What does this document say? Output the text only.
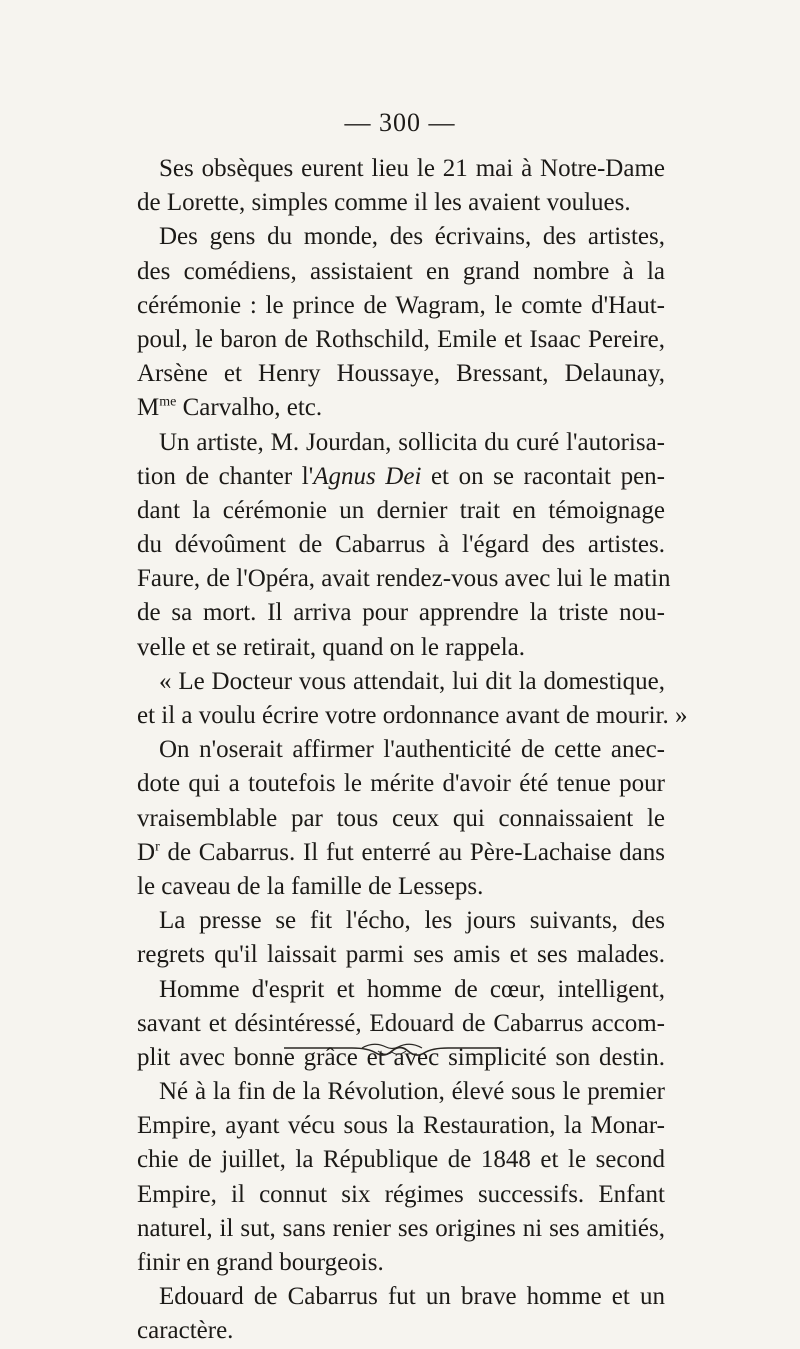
— 300 —
Ses obsèques eurent lieu le 21 mai à Notre-Dame
de Lorette, simples comme il les avaient voulues.
Des gens du monde, des écrivains, des artistes,
des comédiens, assistaient en grand nombre à la
cérémonie : le prince de Wagram, le comte d'Haut-
poul, le baron de Rothschild, Emile et Isaac Pereire,
Arsène et Henry Houssaye, Bressant, Delaunay,
$M^{me}$ Carvalho, etc.
Un artiste, M. Jourdan, sollicita du curé l'autorisa-
tion de chanter l'Agnus Dei et on se racontait pen-
dant la cérémonie un dernier trait en témoignage
du dévoûment de Cabarrus à l'égard des artistes.
Faure, de l'Opéra, avait rendez-vous avec lui le matin
de sa mort. Il arriva pour apprendre la triste nou-
velle et se retirait, quand on le rappela.
« Le Docteur vous attendait, lui dit la domestique,
et il a voulu écrire votre ordonnance avant de mourir. »
On n'oserait affirmer l'authenticité de cette anec-
dote qui a toutefois le mérite d'avoir été tenue pour
vraisemblable par tous ceux qui connaissaient le
$D^r$ de Cabarrus. Il fut enterré au Père-Lachaise dans
le caveau de la famille de Lesseps.
La presse se fit l'écho, les jours suivants, des
regrets qu'il laissait parmi ses amis et ses malades.
Homme d'esprit et homme de cœur, intelligent,
savant et désintéressé, Edouard de Cabarrus accom-
plit avec bonne grâce et avec simplicité son destin.
Né à la fin de la Révolution, élevé sous le premier
Empire, ayant vécu sous la Restauration, la Monar-
chie de juillet, la République de 1848 et le second
Empire, il connut six régimes successifs. Enfant
naturel, il sut, sans renier ses origines ni ses amitiés,
finir en grand bourgeois.
Edouard de Cabarrus fut un brave homme et un
caractère.
